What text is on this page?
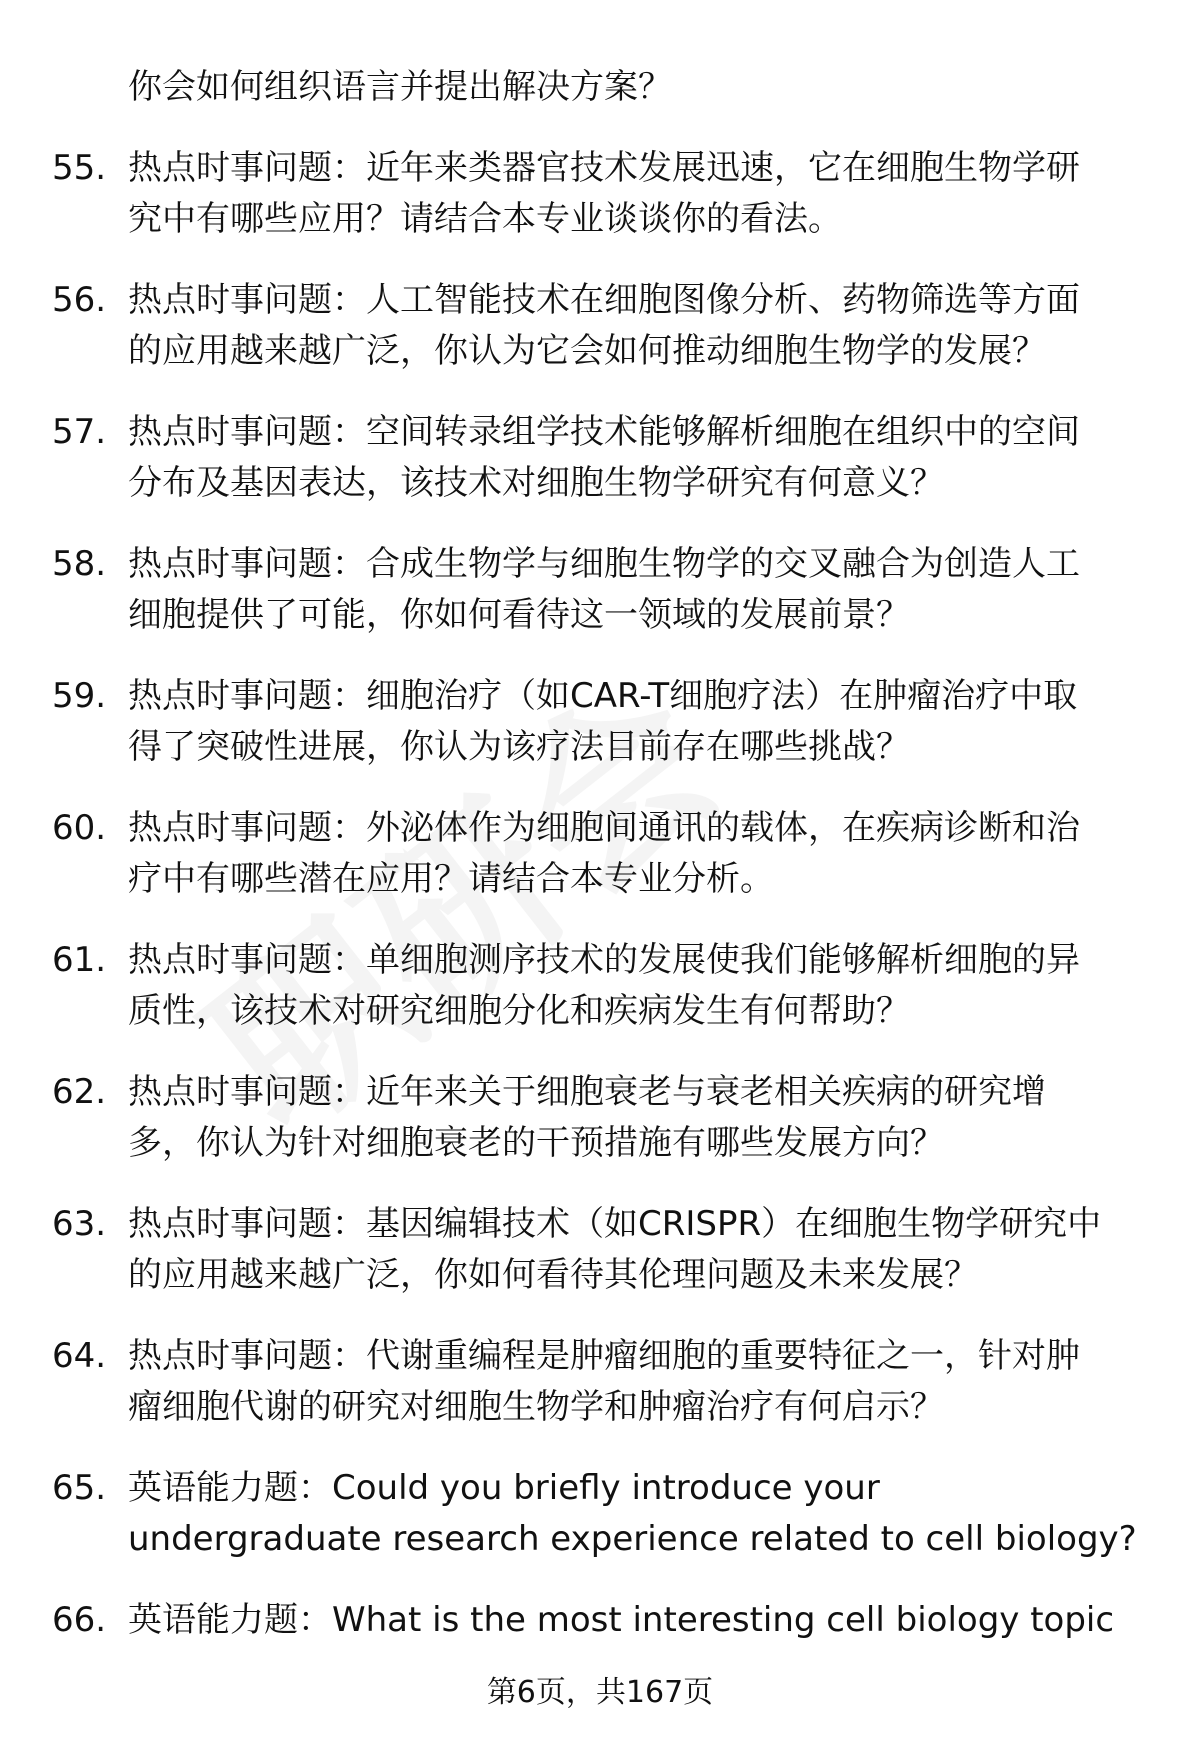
你会如何组织语言并提出解决方案？
55. 热点时事问题：近年来类器官技术发展迅速，它在细胞生物学研
究中有哪些应用？请结合本专业谈谈你的看法。
56. 热点时事问题：人工智能技术在细胞图像分析、药物筛选等方面
的应用越来越广泛，你认为它会如何推动细胞生物学的发展？
57. 热点时事问题：空间转录组学技术能够解析细胞在组织中的空间
分布及基因表达，该技术对细胞生物学研究有何意义？
58. 热点时事问题：合成生物学与细胞生物学的交叉融合为创造人工
细胞提供了可能，你如何看待这一领域的发展前景？
59. 热点时事问题：细胞治疗（如CAR-T细胞疗法）在肿瘤治疗中取
得了突破性进展，你认为该疗法目前存在哪些挑战？
60. 热点时事问题：外泌体作为细胞间通讯的载体，在疾病诊断和治
疗中有哪些潜在应用？请结合本专业分析。
61. 热点时事问题：单细胞测序技术的发展使我们能够解析细胞的异
质性，该技术对研究细胞分化和疾病发生有何帮助？
62. 热点时事问题：近年来关于细胞衰老与衰老相关疾病的研究增
多，你认为针对细胞衰老的干预措施有哪些发展方向？
63. 热点时事问题：基因编辑技术（如CRISPR）在细胞生物学研究中
的应用越来越广泛，你如何看待其伦理问题及未来发展？
64. 热点时事问题：代谢重编程是肿瘤细胞的重要特征之一，针对肿
瘤细胞代谢的研究对细胞生物学和肿瘤治疗有何启示？
65. 英语能力题：Could you briefly introduce your
undergraduate research experience related to cell biology?
66. 英语能力题：What is the most interesting cell biology topic
第6页，共167页
